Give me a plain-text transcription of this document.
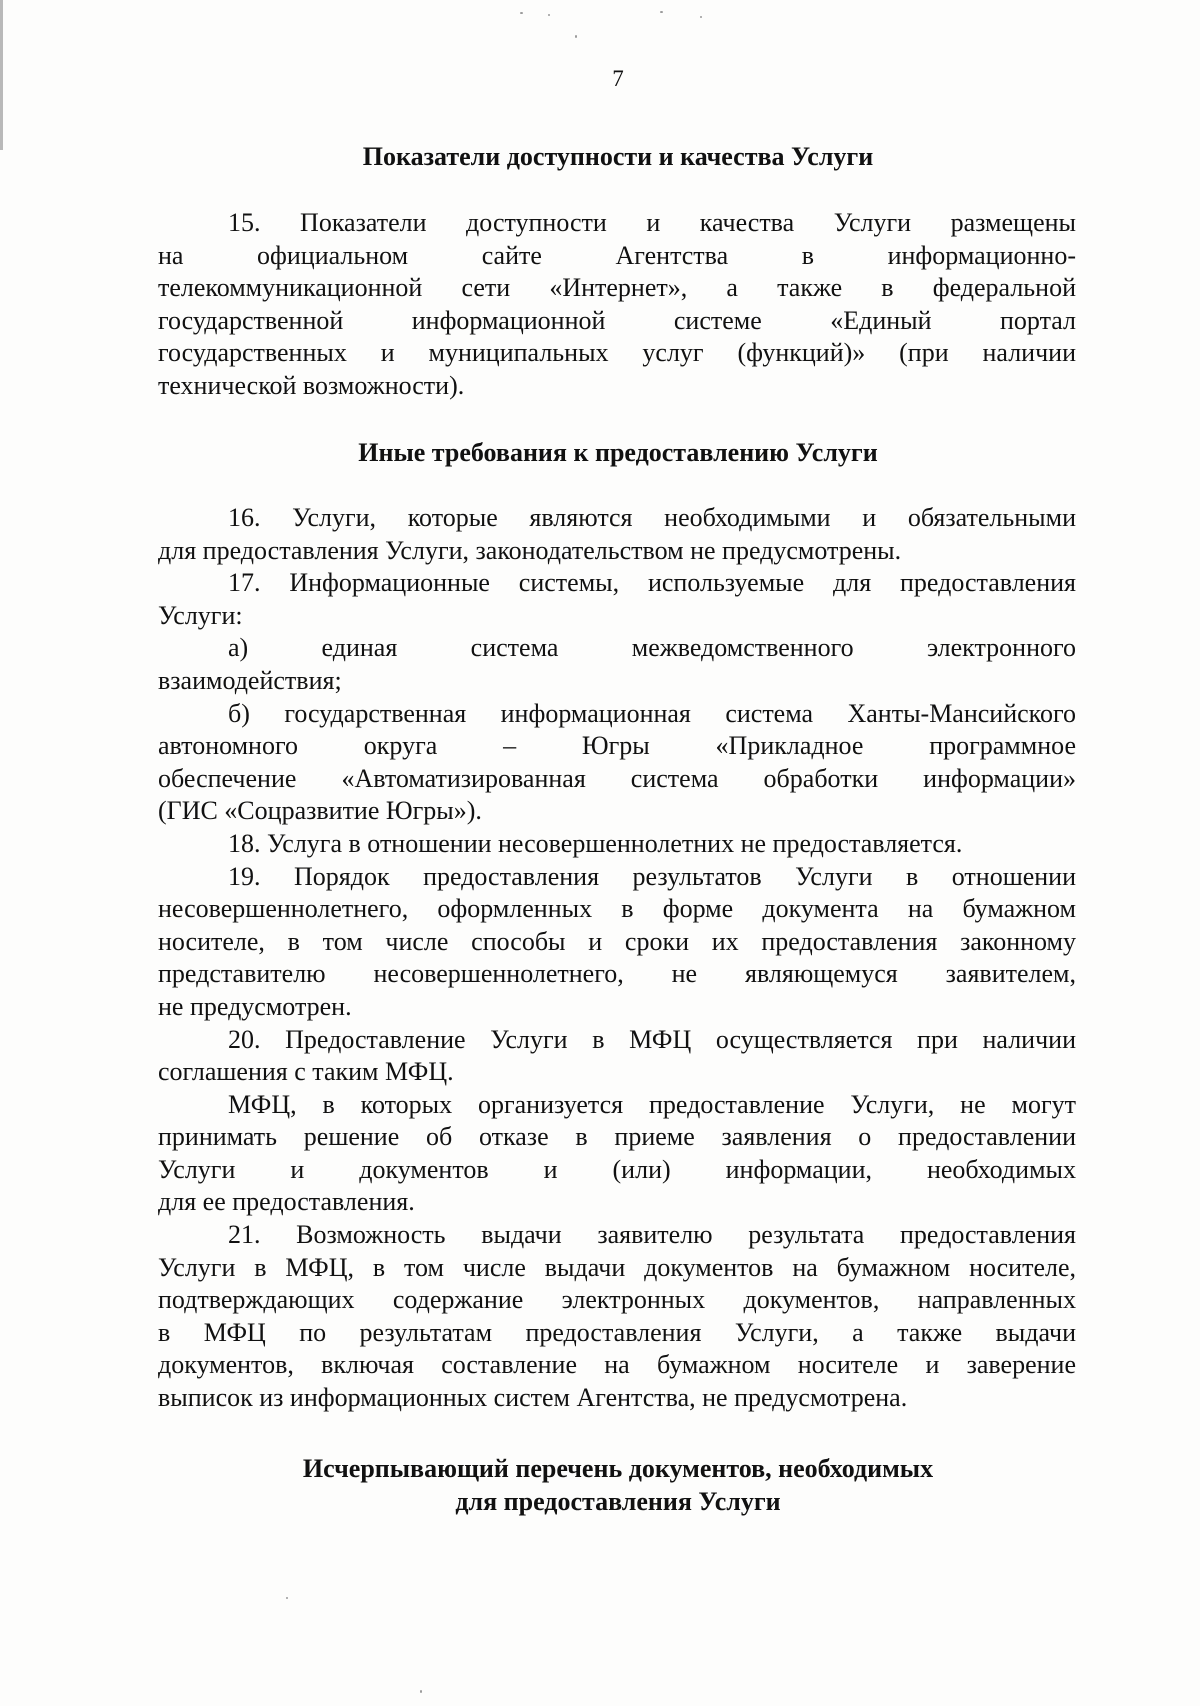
7
Показатели доступности и качества Услуги
15. Показатели доступности и качества Услуги размещены
на официальном сайте Агентства в информационно-
телекоммуникационной сети «Интернет», а также в федеральной
государственной информационной системе «Единый портал
государственных и муниципальных услуг (функций)» (при наличии
технической возможности).
Иные требования к предоставлению Услуги
16. Услуги, которые являются необходимыми и обязательными
для предоставления Услуги, законодательством не предусмотрены.
17. Информационные системы, используемые для предоставления
Услуги:
а) единая система межведомственного электронного
взаимодействия;
б) государственная информационная система Ханты-Мансийского
автономного округа – Югры «Прикладное программное
обеспечение «Автоматизированная система обработки информации»
(ГИС «Соцразвитие Югры»).
18. Услуга в отношении несовершеннолетних не предоставляется.
19. Порядок предоставления результатов Услуги в отношении
несовершеннолетнего, оформленных в форме документа на бумажном
носителе, в том числе способы и сроки их предоставления законному
представителю несовершеннолетнего, не являющемуся заявителем,
не предусмотрен.
20. Предоставление Услуги в МФЦ осуществляется при наличии
соглашения с таким МФЦ.
МФЦ, в которых организуется предоставление Услуги, не могут
принимать решение об отказе в приеме заявления о предоставлении
Услуги и документов и (или) информации, необходимых
для ее предоставления.
21. Возможность выдачи заявителю результата предоставления
Услуги в МФЦ, в том числе выдачи документов на бумажном носителе,
подтверждающих содержание электронных документов, направленных
в МФЦ по результатам предоставления Услуги, а также выдачи
документов, включая составление на бумажном носителе и заверение
выписок из информационных систем Агентства, не предусмотрена.
Исчерпывающий перечень документов, необходимых
для предоставления Услуги
